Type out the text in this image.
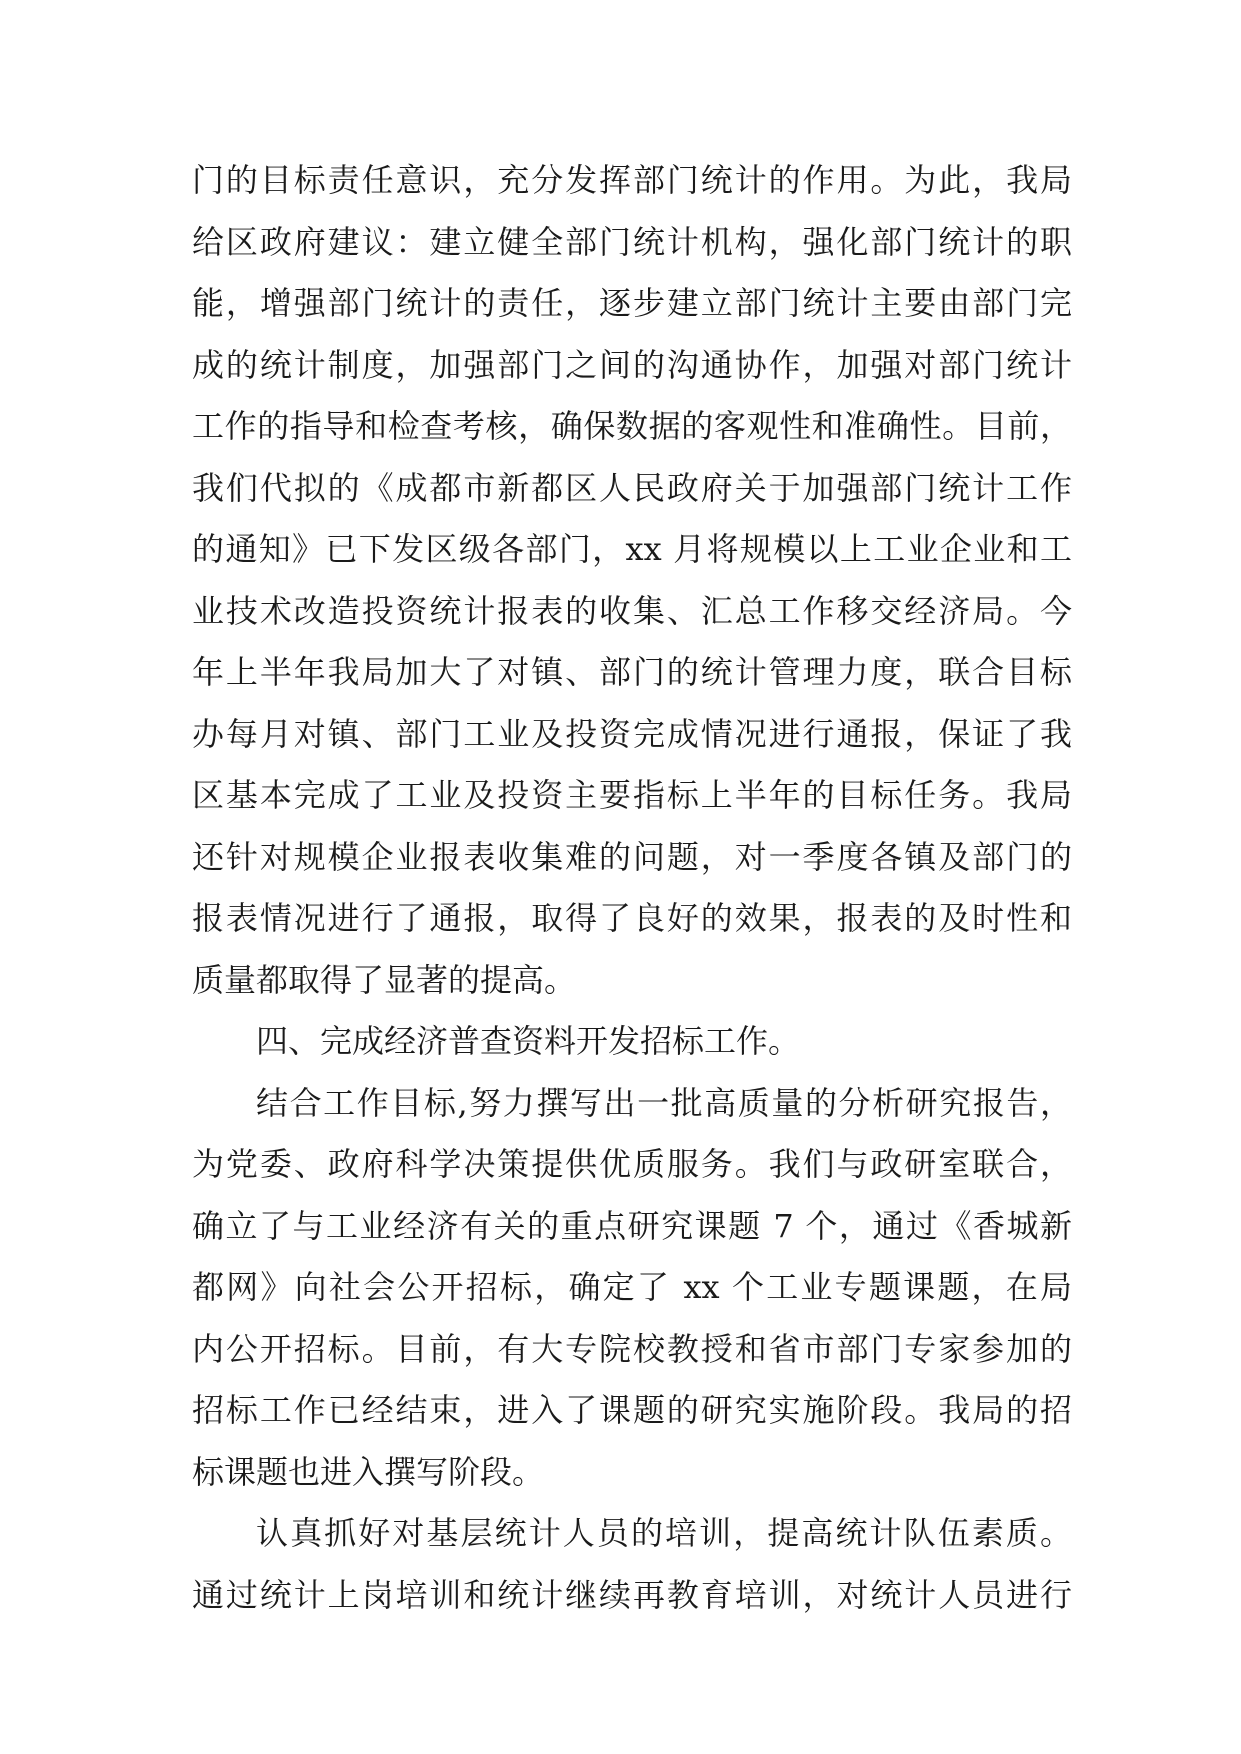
门的目标责任意识，充分发挥部门统计的作用。为此，我局
给区政府建议：建立健全部门统计机构，强化部门统计的职
能，增强部门统计的责任，逐步建立部门统计主要由部门完
成的统计制度，加强部门之间的沟通协作，加强对部门统计
工作的指导和检查考核，确保数据的客观性和准确性。目前，
我们代拟的《成都市新都区人民政府关于加强部门统计工作
的通知》已下发区级各部门，xx 月将规模以上工业企业和工
业技术改造投资统计报表的收集、汇总工作移交经济局。今
年上半年我局加大了对镇、部门的统计管理力度，联合目标
办每月对镇、部门工业及投资完成情况进行通报，保证了我
区基本完成了工业及投资主要指标上半年的目标任务。我局
还针对规模企业报表收集难的问题，对一季度各镇及部门的
报表情况进行了通报，取得了良好的效果，报表的及时性和
质量都取得了显著的提高。
四、完成经济普查资料开发招标工作。
结合工作目标,努力撰写出一批高质量的分析研究报告，
为党委、政府科学决策提供优质服务。我们与政研室联合，
确立了与工业经济有关的重点研究课题 7 个，通过《香城新
都网》向社会公开招标，确定了 xx 个工业专题课题，在局
内公开招标。目前，有大专院校教授和省市部门专家参加的
招标工作已经结束，进入了课题的研究实施阶段。我局的招
标课题也进入撰写阶段。
认真抓好对基层统计人员的培训，提高统计队伍素质。
通过统计上岗培训和统计继续再教育培训，对统计人员进行
